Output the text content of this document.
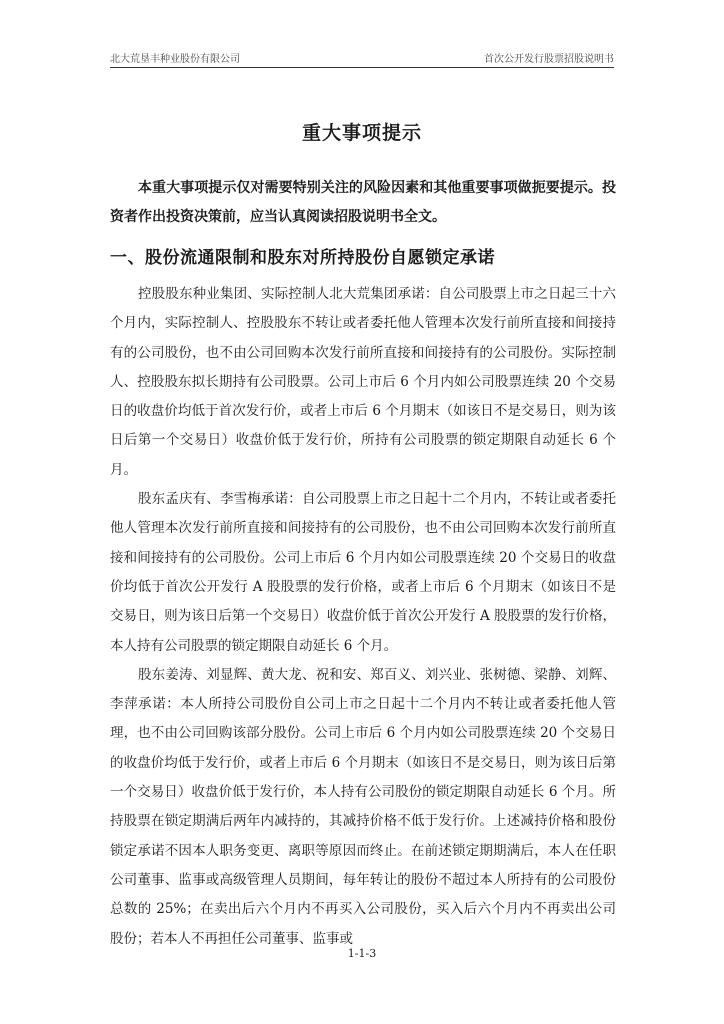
北大荒垦丰种业股份有限公司	首次公开发行股票招股说明书
重大事项提示

本重大事项提示仅对需要特别关注的风险因素和其他重要事项做扼要提示。投资者作出投资决策前，应当认真阅读招股说明书全文。

一、股份流通限制和股东对所持股份自愿锁定承诺

控股股东种业集团、实际控制人北大荒集团承诺：自公司股票上市之日起三十六个月内，实际控制人、控股股东不转让或者委托他人管理本次发行前所直接和间接持有的公司股份，也不由公司回购本次发行前所直接和间接持有的公司股份。实际控制人、控股股东拟长期持有公司股票。公司上市后 6 个月内如公司股票连续 20 个交易日的收盘价均低于首次发行价，或者上市后 6 个月期末（如该日不是交易日，则为该日后第一个交易日）收盘价低于发行价，所持有公司股票的锁定期限自动延长 6 个月。

股东孟庆有、李雪梅承诺：自公司股票上市之日起十二个月内，不转让或者委托他人管理本次发行前所直接和间接持有的公司股份，也不由公司回购本次发行前所直接和间接持有的公司股份。公司上市后 6 个月内如公司股票连续 20 个交易日的收盘价均低于首次公开发行 A 股股票的发行价格，或者上市后 6 个月期末（如该日不是交易日，则为该日后第一个交易日）收盘价低于首次公开发行 A 股股票的发行价格，本人持有公司股票的锁定期限自动延长 6 个月。

股东姜涛、刘显辉、黄大龙、祝和安、郑百义、刘兴业、张树德、梁静、刘辉、李萍承诺：本人所持公司股份自公司上市之日起十二个月内不转让或者委托他人管理，也不由公司回购该部分股份。公司上市后 6 个月内如公司股票连续 20 个交易日的收盘价均低于发行价，或者上市后 6 个月期末（如该日不是交易日，则为该日后第一个交易日）收盘价低于发行价，本人持有公司股份的锁定期限自动延长 6 个月。所持股票在锁定期满后两年内减持的，其减持价格不低于发行价。上述减持价格和股份锁定承诺不因本人职务变更、离职等原因而终止。在前述锁定期期满后，本人在任职公司董事、监事或高级管理人员期间，每年转让的股份不超过本人所持有的公司股份总数的 25%；在卖出后六个月内不再买入公司股份，买入后六个月内不再卖出公司股份；若本人不再担任公司董事、监事或

1-1-3
